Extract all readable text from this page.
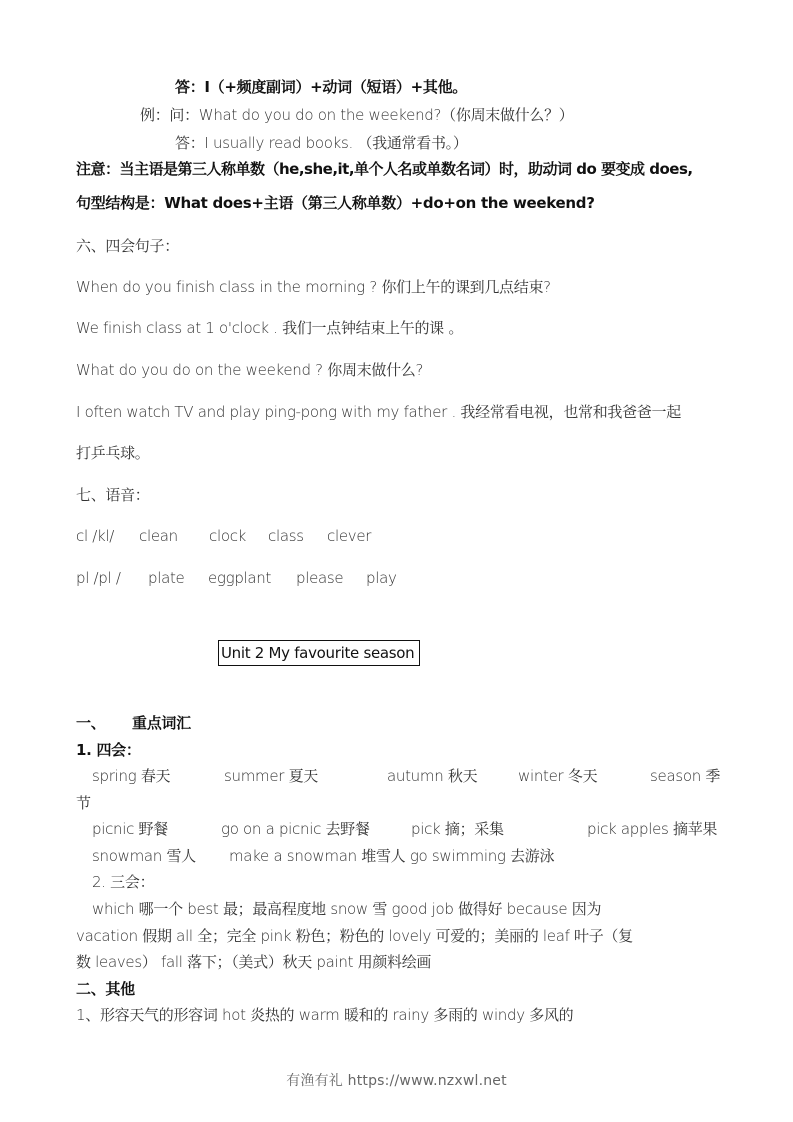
答：I（+频度副词）+动词（短语）+其他。
例：问：What do you do on the weekend?（你周末做什么？）
答：I usually read books. （我通常看书。）
注意：当主语是第三人称单数（he,she,it,单个人名或单数名词）时，助动词 do 要变成 does,
句型结构是：What does+主语（第三人称单数）+do+on the weekend?
六、四会句子：
When do you finish class in the morning ? 你们上午的课到几点结束?
We finish class at 1 o'clock . 我们一点钟结束上午的课 。
What do you do on the weekend ? 你周末做什么?
I often watch TV and play ping-pong with my father . 我经常看电视，也常和我爸爸一起
打乒乓球。
七、语音：
cl /kl/ clean clock class clever
pl /pl / plate eggplant please play
Unit 2 My favourite season
一、 重点词汇
1. 四会：
spring 春天	summer 夏天	autumn 秋天	winter 冬天	season 季
节
picnic 野餐	go on a picnic 去野餐	pick 摘；采集	pick apples 摘苹果
snowman 雪人 make a snowman 堆雪人 go swimming 去游泳
2. 三会：
which 哪一个 best 最；最高程度地 snow 雪 good job 做得好 because 因为
vacation 假期 all 全；完全 pink 粉色；粉色的 lovely 可爱的；美丽的 leaf 叶子（复
数 leaves） fall 落下；（美式）秋天 paint 用颜料绘画
二、其他
1、形容天气的形容词 hot 炎热的 warm 暖和的 rainy 多雨的 windy 多风的
有渔有礼 https://www.nzxwl.net
